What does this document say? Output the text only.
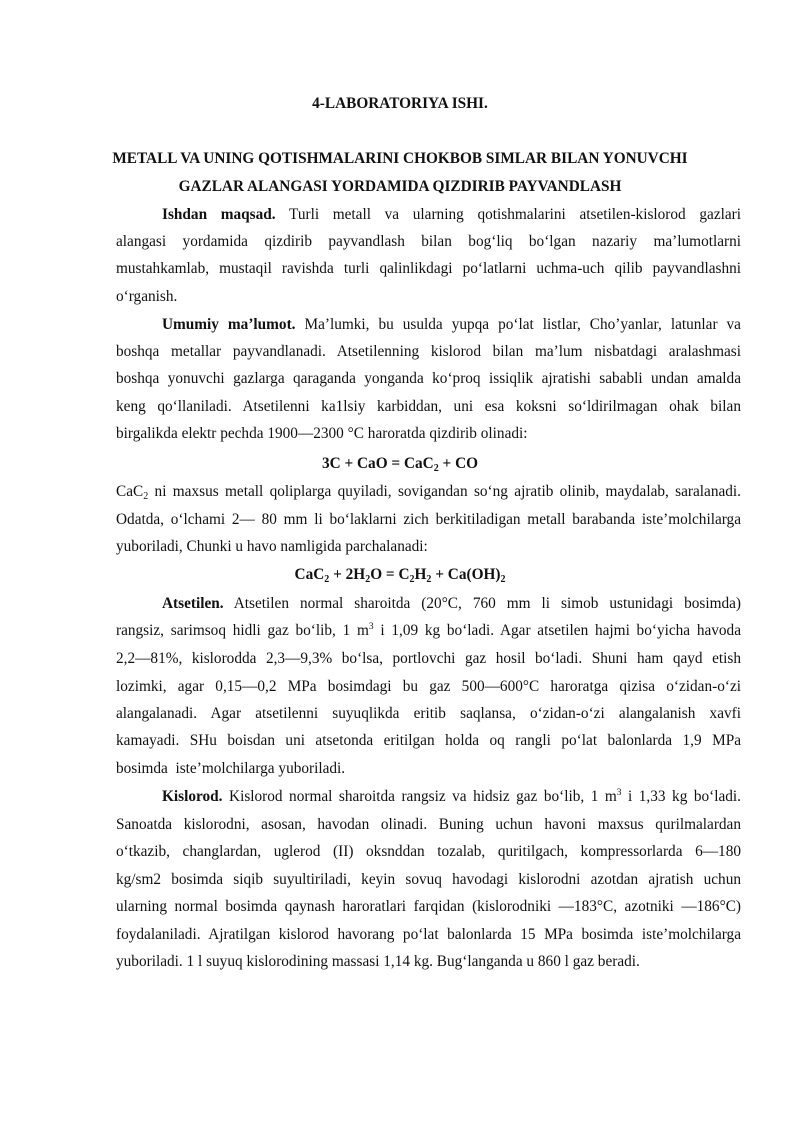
4-LABORATORIYA ISHI.
METALL VA UNING QOTISHMALARINI CHOKBOB SIMLAR BILAN YONUVCHI
GAZLAR ALANGASI YORDAMIDA QIZDIRIB PAYVANDLASH
Ishdan maqsad. Turli metall va ularning qotishmalarini atsetilen-kislorod gazlari
alangasi yordamida qizdirib payvandlash bilan bog‘liq bo‘lgan nazariy ma’lumotlarni
mustahkamlab, mustaqil ravishda turli qalinlikdagi po‘latlarni uchma-uch qilib payvandlashni
o‘rganish.
Umumiy ma’lumot. Ma’lumki, bu usulda yupqa po‘lat listlar, Cho’yanlar, latunlar va
boshqa metallar payvandlanadi. Atsetilenning kislorod bilan ma’lum nisbatdagi aralashmasi
boshqa yonuvchi gazlarga qaraganda yonganda ko‘proq issiqlik ajratishi sababli undan amalda
keng qo‘llaniladi. Atsetilenni ka1lsiy karbiddan, uni esa koksni so‘ldirilmagan ohak bilan
birgalikda elektr pechda 1900—2300 °C haroratda qizdirib olinadi:
3C + CaO = CaC$_2$ + CO
CaC$_2$ ni maxsus metall qoliplarga quyiladi, sovigandan so‘ng ajratib olinib, maydalab, saralanadi.
Odatda, o‘lchami 2— 80 mm li bo‘laklarni zich berkitiladigan metall barabanda iste’molchilarga
yuboriladi, Chunki u havo namligida parchalanadi:
$CaC_2 + 2H_2O = C_2H_2 + Ca(OH)_2$
Atsetilen. Atsetilen normal sharoitda (20°C, 760 mm li simob ustunidagi bosimda)
rangsiz, sarimsoq hidli gaz bo‘lib, 1 $m^3$ i 1,09 kg bo‘ladi. Agar atsetilen hajmi bo‘yicha havoda
2,2—81%, kislorodda 2,3—9,3% bo‘lsa, portlovchi gaz hosil bo‘ladi. Shuni ham qayd etish
lozimki, agar 0,15—0,2 MPa bosimdagi bu gaz 500—600°C haroratga qizisa o‘zidan-o‘zi
alangalanadi. Agar atsetilenni suyuqlikda eritib saqlansa, o‘zidan-o‘zi alangalanish xavfi
kamayadi. SHu boisdan uni atsetonda eritilgan holda oq rangli po‘lat balonlarda 1,9 MPa
bosimda  iste’molchilarga yuboriladi.
Kislorod. Kislorod normal sharoitda rangsiz va hidsiz gaz bo‘lib, 1 $m^3$ i 1,33 kg bo‘ladi.
Sanoatda kislorodni, asosan, havodan olinadi. Buning uchun havoni maxsus qurilmalardan
o‘tkazib, changlardan, uglerod (II) oksnddan tozalab, quritilgach, kompressorlarda 6—180
kg/sm2 bosimda siqib suyultiriladi, keyin sovuq havodagi kislorodni azotdan ajratish uchun
ularning normal bosimda qaynash haroratlari farqidan (kislorodniki —183°C, azotniki —186°C)
foydalaniladi. Ajratilgan kislorod havorang po‘lat balonlarda 15 MPa bosimda iste’molchilarga
yuboriladi. 1 l suyuq kislorodining massasi 1,14 kg. Bug‘langanda u 860 l gaz beradi.
